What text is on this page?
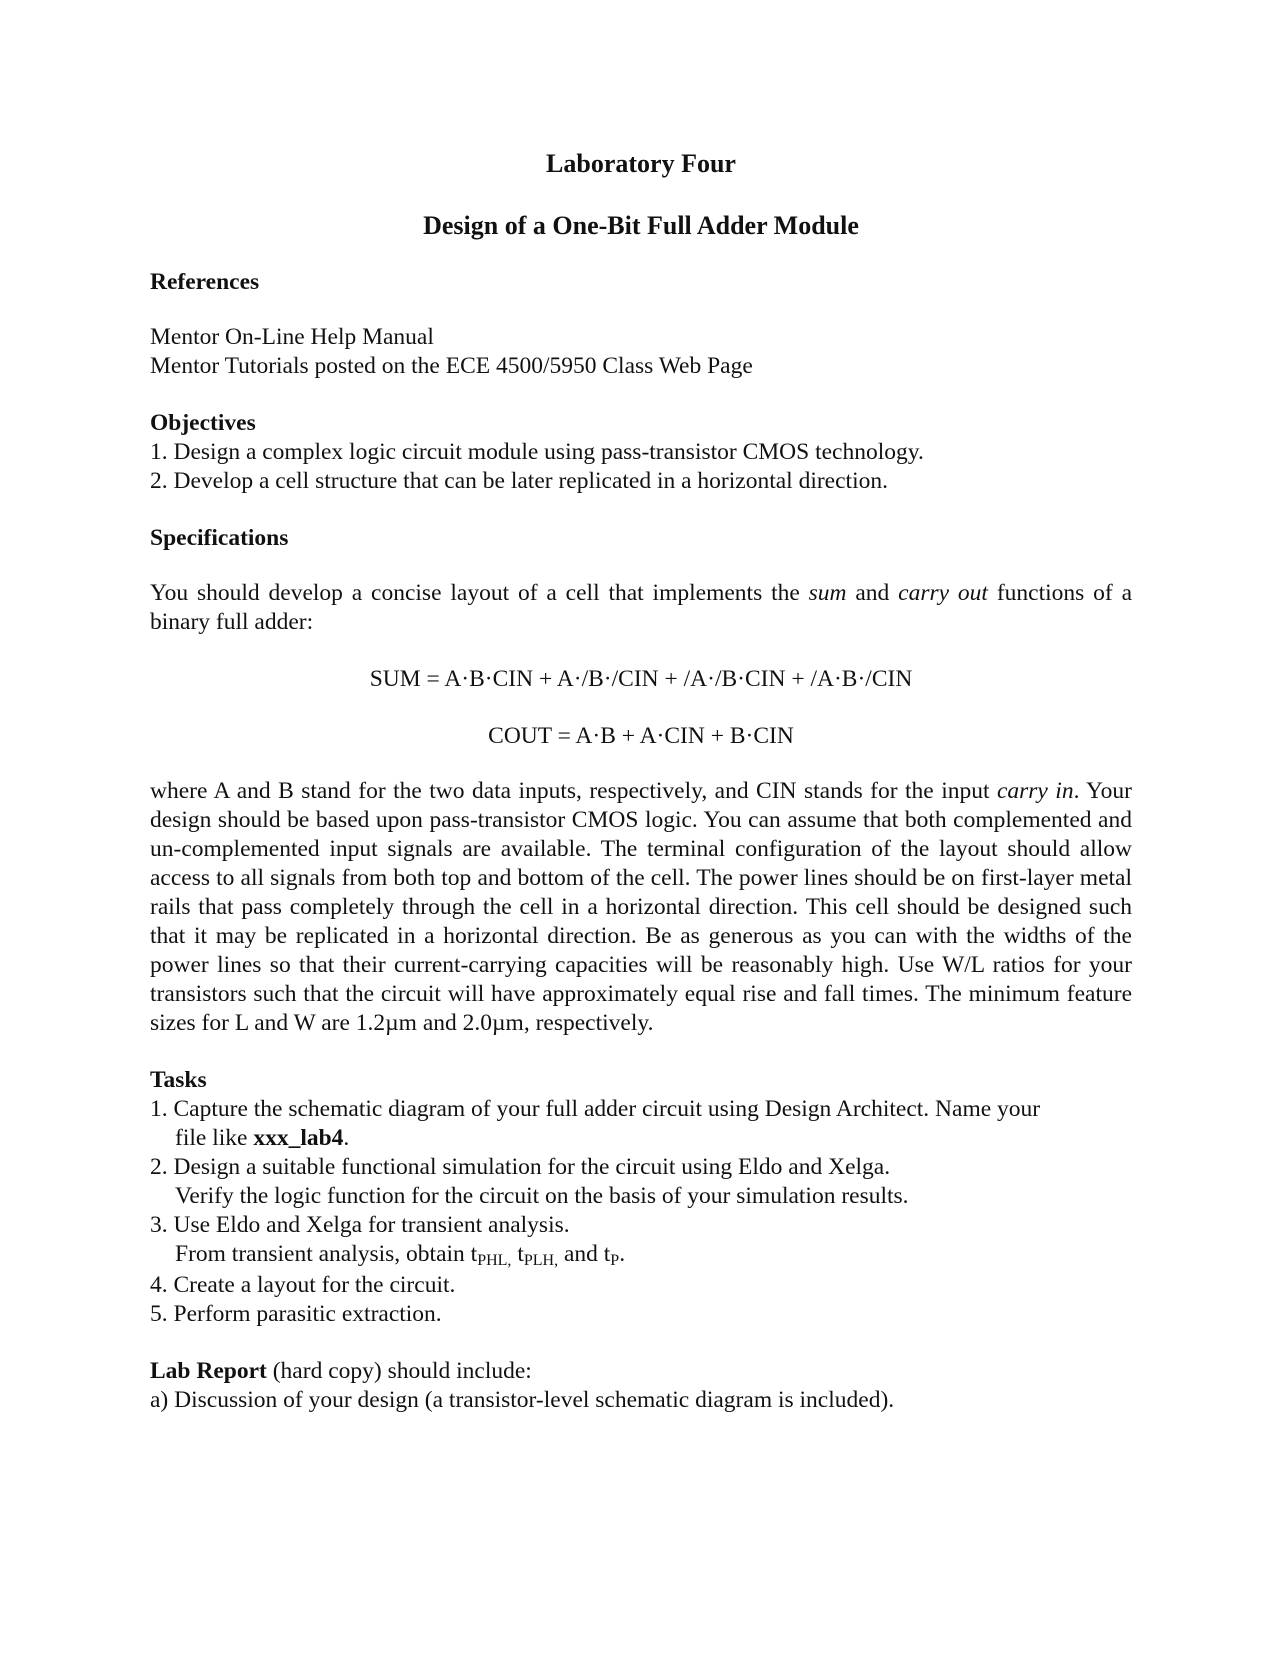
Laboratory Four

Design of a One-Bit Full Adder Module

References

Mentor On-Line Help Manual

Mentor Tutorials posted on the ECE 4500/5950 Class Web Page

Objectives

1. Design a complex logic circuit module using pass-transistor CMOS technology.

2. Develop a cell structure that can be later replicated in a horizontal direction.

Specifications

You should develop a concise layout of a cell that implements the sum and carry out functions of a binary full adder:

SUM = A·B·CIN + A·/B·/CIN + /A·/B·CIN + /A·B·/CIN

COUT = A·B + A·CIN + B·CIN

where A and B stand for the two data inputs, respectively, and CIN stands for the input carry in. Your design should be based upon pass-transistor CMOS logic. You can assume that both complemented and un-complemented input signals are available. The terminal configuration of the layout should allow access to all signals from both top and bottom of the cell. The power lines should be on first-layer metal rails that pass completely through the cell in a horizontal direction. This cell should be designed such that it may be replicated in a horizontal direction. Be as generous as you can with the widths of the power lines so that their current-carrying capacities will be reasonably high. Use W/L ratios for your transistors such that the circuit will have approximately equal rise and fall times. The minimum feature sizes for L and W are 1.2µm and 2.0µm, respectively.

Tasks

1. Capture the schematic diagram of your full adder circuit using Design Architect. Name your
file like xxx_lab4.
2. Design a suitable functional simulation for the circuit using Eldo and Xelga.
Verify the logic function for the circuit on the basis of your simulation results.
3. Use Eldo and Xelga for transient analysis.
From transient analysis, obtain tPHL, tPLH, and tP.
4. Create a layout for the circuit.
5. Perform parasitic extraction.

Lab Report (hard copy) should include:

a) Discussion of your design (a transistor-level schematic diagram is included).
